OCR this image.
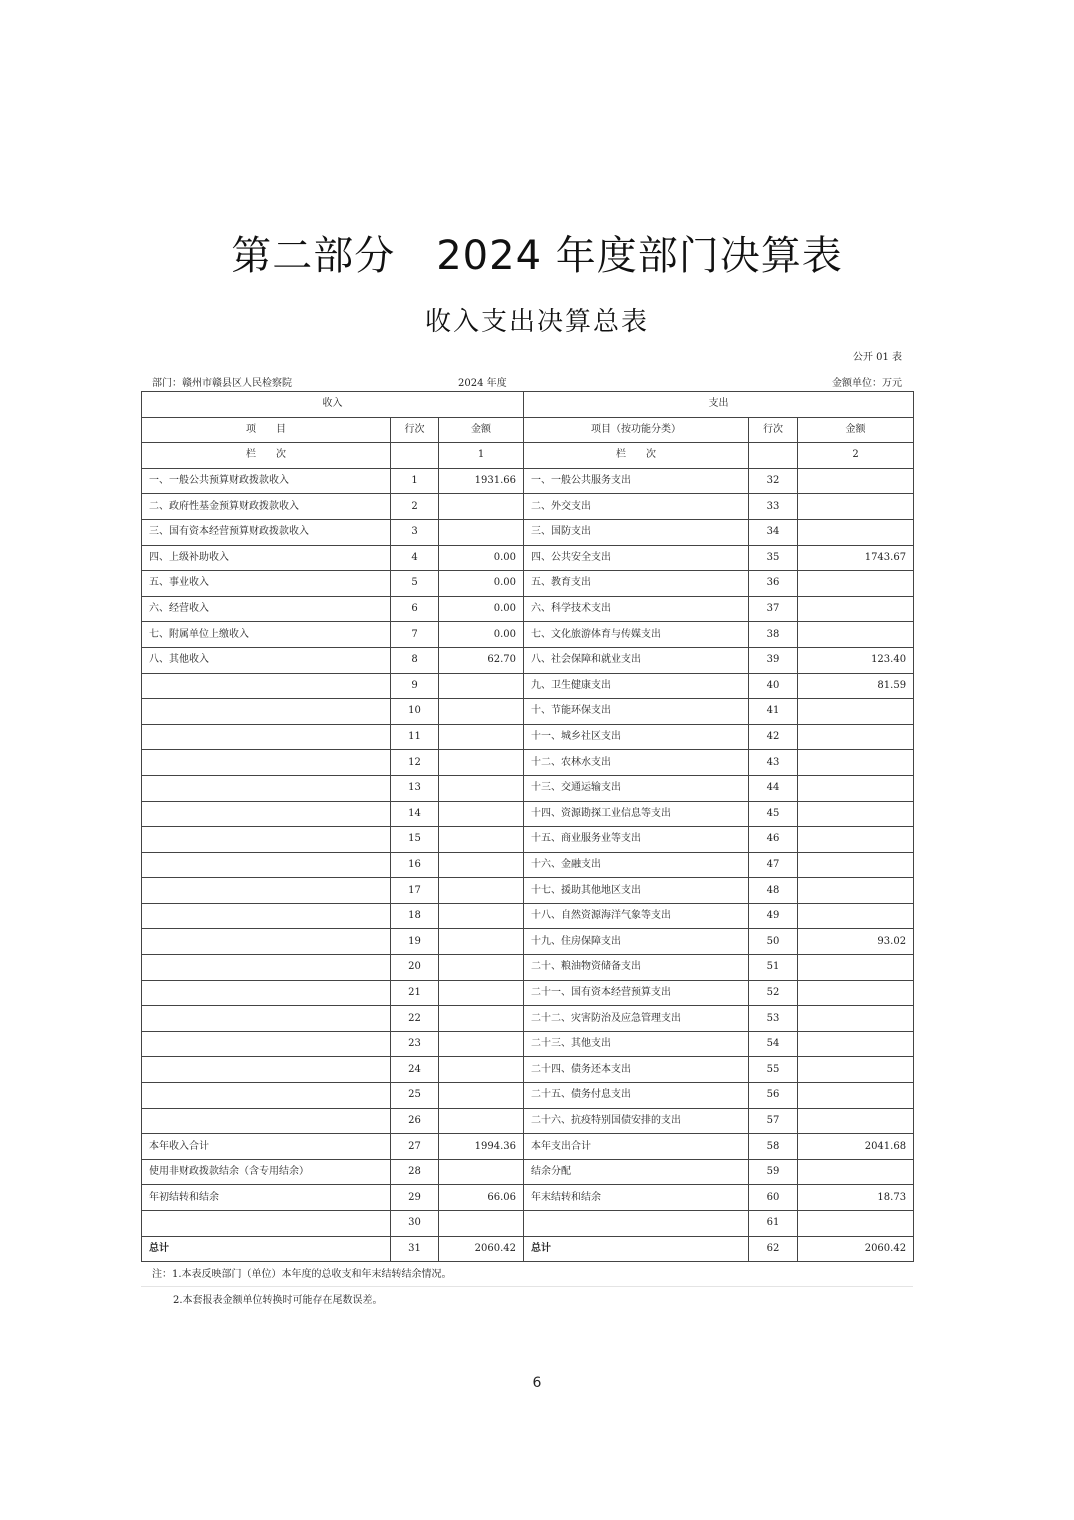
第二部分　2024 年度部门决算表
收入支出决算总表
公开 01 表
部门：赣州市赣县区人民检察院	2024 年度	金额单位：万元
收入			支出		
项　　目	行次	金额	项目（按功能分类）	行次	金额
栏　　次		1	栏　　次		2
一、一般公共预算财政拨款收入	1	1931.66	一、一般公共服务支出	32	
二、政府性基金预算财政拨款收入	2		二、外交支出	33	
三、国有资本经营预算财政拨款收入	3		三、国防支出	34	
四、上级补助收入	4	0.00	四、公共安全支出	35	1743.67
五、事业收入	5	0.00	五、教育支出	36	
六、经营收入	6	0.00	六、科学技术支出	37	
七、附属单位上缴收入	7	0.00	七、文化旅游体育与传媒支出	38	
八、其他收入	8	62.70	八、社会保障和就业支出	39	123.40
	9		九、卫生健康支出	40	81.59
	10		十、节能环保支出	41	
	11		十一、城乡社区支出	42	
	12		十二、农林水支出	43	
	13		十三、交通运输支出	44	
	14		十四、资源勘探工业信息等支出	45	
	15		十五、商业服务业等支出	46	
	16		十六、金融支出	47	
	17		十七、援助其他地区支出	48	
	18		十八、自然资源海洋气象等支出	49	
	19		十九、住房保障支出	50	93.02
	20		二十、粮油物资储备支出	51	
	21		二十一、国有资本经营预算支出	52	
	22		二十二、灾害防治及应急管理支出	53	
	23		二十三、其他支出	54	
	24		二十四、债务还本支出	55	
	25		二十五、债务付息支出	56	
	26		二十六、抗疫特别国债安排的支出	57	
本年收入合计	27	1994.36	本年支出合计	58	2041.68
使用非财政拨款结余（含专用结余）	28		结余分配	59	
年初结转和结余	29	66.06	年末结转和结余	60	18.73
	30			61	
总计	31	2060.42	总计	62	2060.42
注：1.本表反映部门（单位）本年度的总收支和年末结转结余情况。
2.本套报表金额单位转换时可能存在尾数误差。
6
